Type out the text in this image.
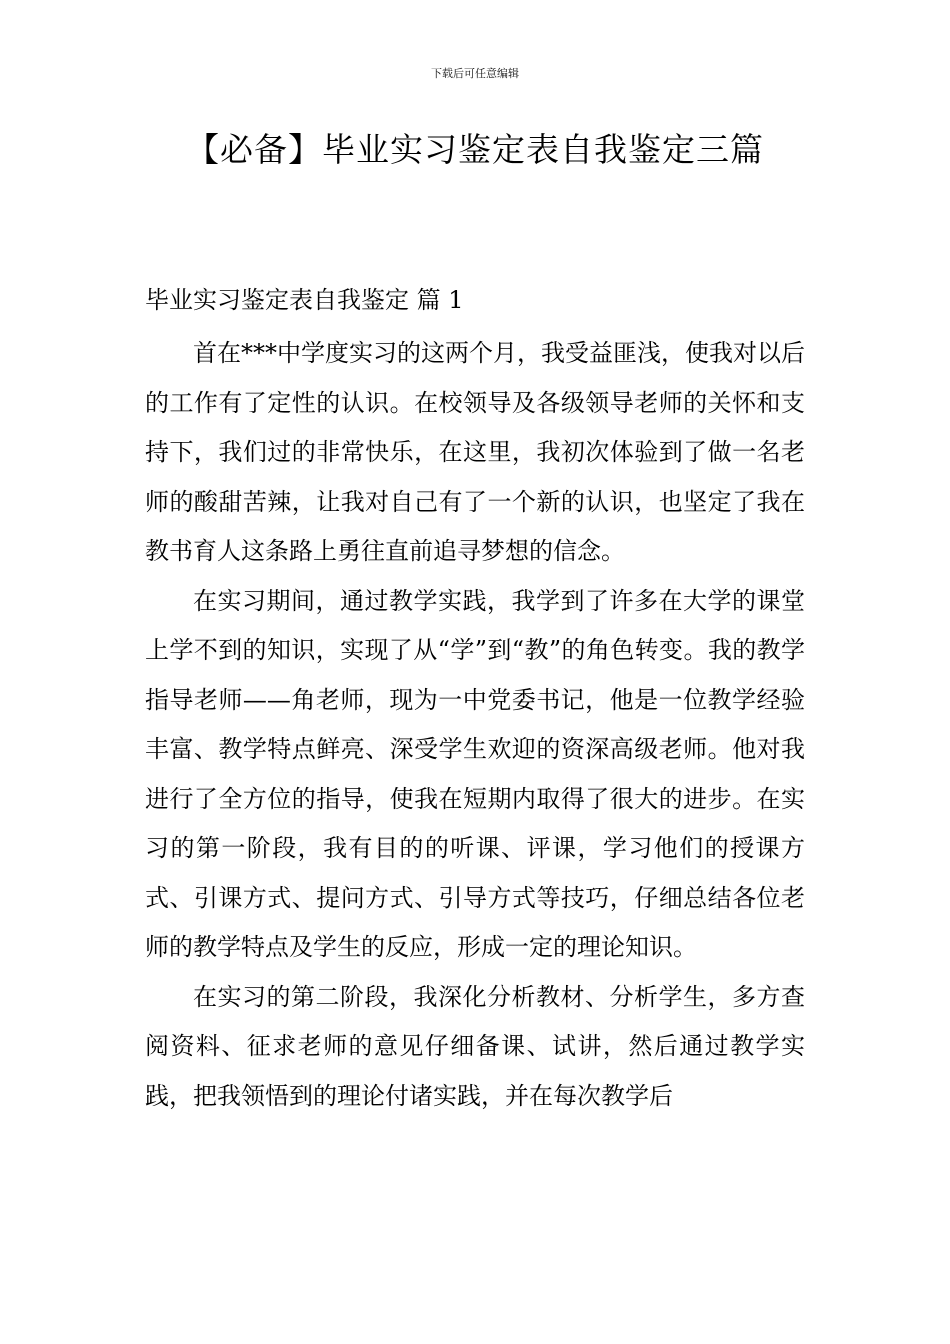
下载后可任意编辑
【必备】毕业实习鉴定表自我鉴定三篇
毕业实习鉴定表自我鉴定 篇 1

首在***中学度实习的这两个月，我受益匪浅，使我对以后的工作有了定性的认识。在校领导及各级领导老师的关怀和支持下，我们过的非常快乐，在这里，我初次体验到了做一名老师的酸甜苦辣，让我对自己有了一个新的认识，也坚定了我在教书育人这条路上勇往直前追寻梦想的信念。

在实习期间，通过教学实践，我学到了许多在大学的课堂上学不到的知识，实现了从“学”到“教”的角色转变。我的教学指导老师——角老师，现为一中党委书记，他是一位教学经验丰富、教学特点鲜亮、深受学生欢迎的资深高级老师。他对我进行了全方位的指导，使我在短期内取得了很大的进步。在实习的第一阶段，我有目的的听课、评课，学习他们的授课方式、引课方式、提问方式、引导方式等技巧，仔细总结各位老师的教学特点及学生的反应，形成一定的理论知识。

在实习的第二阶段，我深化分析教材、分析学生，多方查阅资料、征求老师的意见仔细备课、试讲，然后通过教学实践，把我领悟到的理论付诸实践，并在每次教学后
